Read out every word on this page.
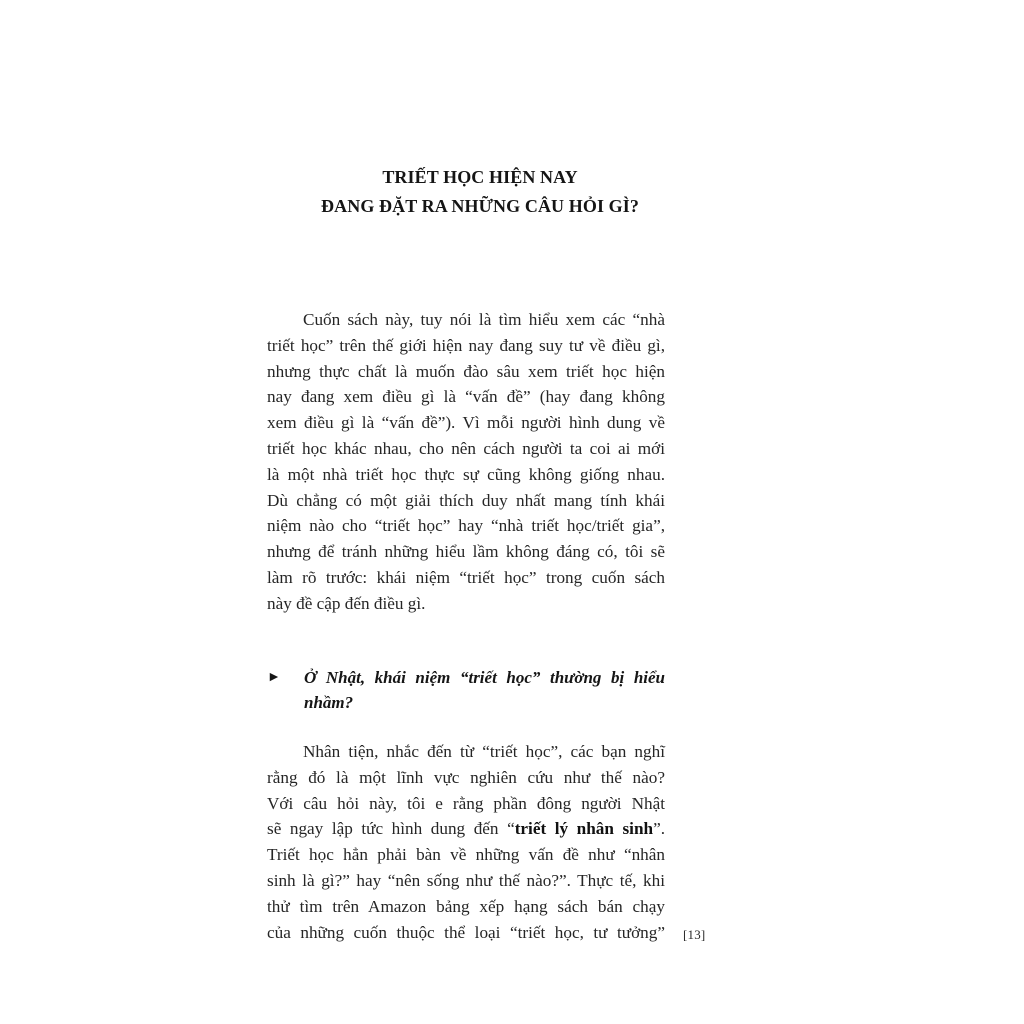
TRIẾT HỌC HIỆN NAY
ĐANG ĐẶT RA NHỮNG CÂU HỎI GÌ?
Cuốn sách này, tuy nói là tìm hiểu xem các “nhà
triết học” trên thế giới hiện nay đang suy tư về điều gì,
nhưng thực chất là muốn đào sâu xem triết học hiện
nay đang xem điều gì là “vấn đề” (hay đang không
xem điều gì là “vấn đề”). Vì mỗi người hình dung về
triết học khác nhau, cho nên cách người ta coi ai mới
là một nhà triết học thực sự cũng không giống nhau.
Dù chẳng có một giải thích duy nhất mang tính khái
niệm nào cho “triết học” hay “nhà triết học/triết gia”,
nhưng để tránh những hiểu lầm không đáng có, tôi sẽ
làm rõ trước: khái niệm “triết học” trong cuốn sách
này đề cập đến điều gì.
► Ở Nhật, khái niệm “triết học” thường bị hiểu
nhầm?
Nhân tiện, nhắc đến từ “triết học”, các bạn nghĩ
rằng đó là một lĩnh vực nghiên cứu như thế nào?
Với câu hỏi này, tôi e rằng phần đông người Nhật
sẽ ngay lập tức hình dung đến “triết lý nhân sinh”.
Triết học hẳn phải bàn về những vấn đề như “nhân
sinh là gì?” hay “nên sống như thế nào?”. Thực tế, khi
thử tìm trên Amazon bảng xếp hạng sách bán chạy
của những cuốn thuộc thể loại “triết học, tư tưởng” [13]
